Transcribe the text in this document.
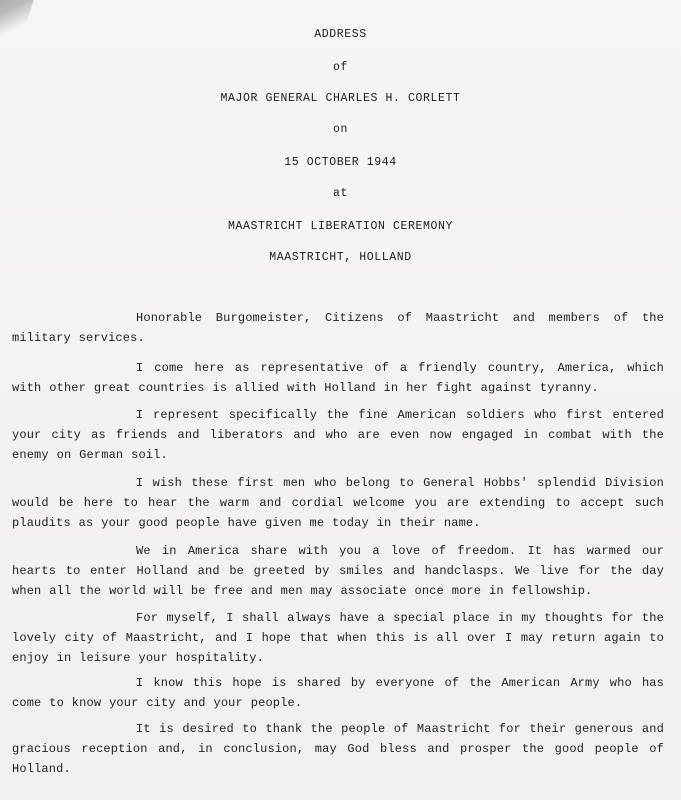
ADDRESS
of
MAJOR GENERAL CHARLES H. CORLETT
on
15 OCTOBER 1944
at
MAASTRICHT LIBERATION CEREMONY
MAASTRICHT, HOLLAND
Honorable Burgomeister, Citizens of Maastricht and members of the military services.
I come here as representative of a friendly country, America, which with other great countries is allied with Holland in her fight against tyranny.
I represent specifically the fine American soldiers who first entered your city as friends and liberators and who are even now engaged in combat with the enemy on German soil.
I wish these first men who belong to General Hobbs' splendid Division would be here to hear the warm and cordial welcome you are extending to accept such plaudits as your good people have given me today in their name.
We in America share with you a love of freedom. It has warmed our hearts to enter Holland and be greeted by smiles and handclasps. We live for the day when all the world will be free and men may associate once more in fellowship.
For myself, I shall always have a special place in my thoughts for the lovely city of Maastricht, and I hope that when this is all over I may return again to enjoy in leisure your hospitality.
I know this hope is shared by everyone of the American Army who has come to know your city and your people.
It is desired to thank the people of Maastricht for their generous and gracious reception and, in conclusion, may God bless and prosper the good people of Holland.
